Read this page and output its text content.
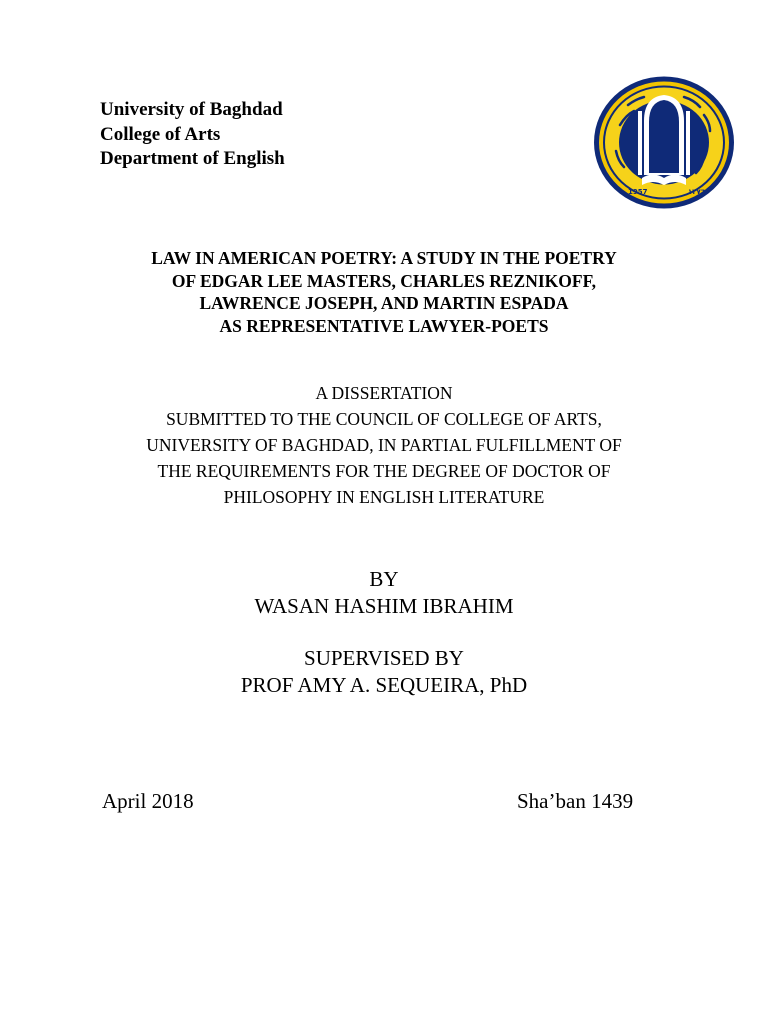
University of Baghdad
College of Arts
Department of English
1957	١٣٧٦
LAW IN AMERICAN POETRY: A STUDY IN THE POETRY
OF EDGAR LEE MASTERS, CHARLES REZNIKOFF,
LAWRENCE JOSEPH, AND MARTIN ESPADA
AS REPRESENTATIVE LAWYER-POETS
A DISSERTATION
SUBMITTED TO THE COUNCIL OF COLLEGE OF ARTS,
UNIVERSITY OF BAGHDAD, IN PARTIAL FULFILLMENT OF
THE REQUIREMENTS FOR THE DEGREE OF DOCTOR OF
PHILOSOPHY IN ENGLISH LITERATURE
BY
WASAN HASHIM IBRAHIM
SUPERVISED BY
PROF AMY A. SEQUEIRA, PhD
April 2018	Sha’ban 1439
